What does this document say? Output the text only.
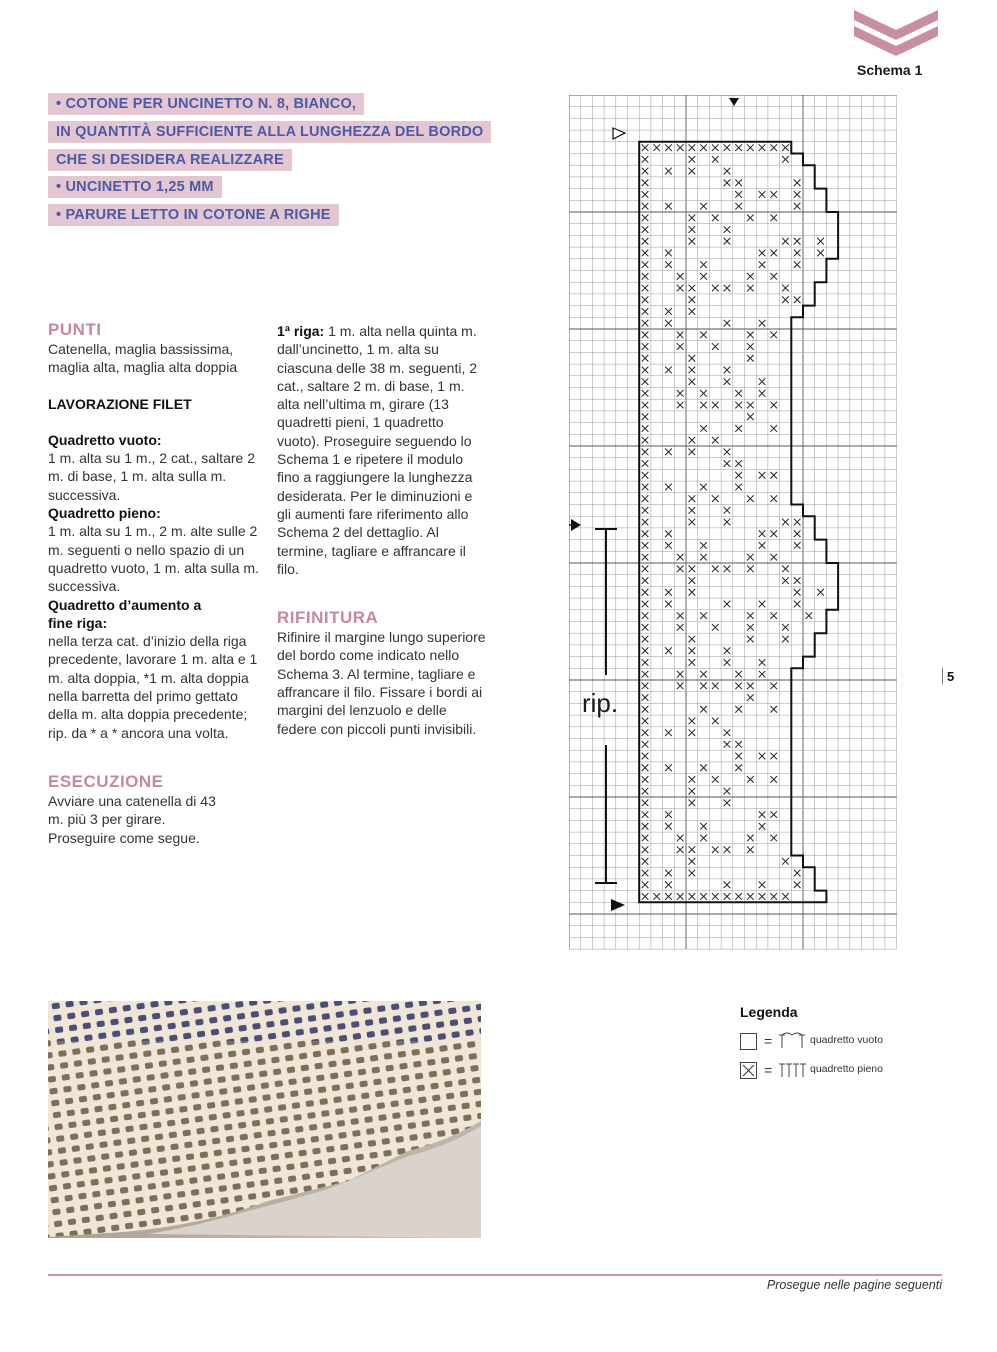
Schema 1
• COTONE PER UNCINETTO N. 8, BIANCO,
IN QUANTITÀ SUFFICIENTE ALLA LUNGHEZZA DEL BORDO
CHE SI DESIDERA REALIZZARE
• UNCINETTO 1,25 MM
• PARURE LETTO IN COTONE A RIGHE

PUNTI

Catenella, maglia bassissima, maglia alta, maglia alta doppia

LAVORAZIONE FILET

Quadretto vuoto:

1 m. alta su 1 m., 2 cat., saltare 2 m. di base, 1 m. alta sulla m. successiva.

Quadretto pieno:

1 m. alta su 1 m., 2 m. alte sulle 2 m. seguenti o nello spazio di un quadretto vuoto, 1 m. alta sulla m. successiva.

Quadretto d’aumento a fine riga:

nella terza cat. d’inizio della riga precedente, lavorare 1 m. alta e 1 m. alta doppia, *1 m. alta doppia nella barretta del primo gettato della m. alta doppia precedente; rip. da * a * ancora una volta.

ESECUZIONE

Avviare una catenella di 43 m. più 3 per girare. Proseguire come segue.

1ª riga: 1 m. alta nella quinta m. dall’uncinetto, 1 m. alta su ciascuna delle 38 m. seguenti, 2 cat., saltare 2 m. di base, 1 m. alta nell’ultima m, girare (13 quadretti pieni, 1 quadretto vuoto). Proseguire seguendo lo Schema 1 e ripetere il modulo fino a raggiungere la lunghezza desiderata. Per le diminuzioni e gli aumenti fare riferimento allo Schema 2 del dettaglio. Al termine, tagliare e affrancare il filo.

RIFINITURA

Rifinire il margine lungo superiore del bordo come indicato nello Schema 3. Al termine, tagliare e affrancare il filo. Fissare i bordi ai margini del lenzuolo e delle federe con piccoli punti invisibili.

rip.
5
Legenda
=	quadretto vuoto
=	quadretto pieno
Prosegue nelle pagine seguenti
